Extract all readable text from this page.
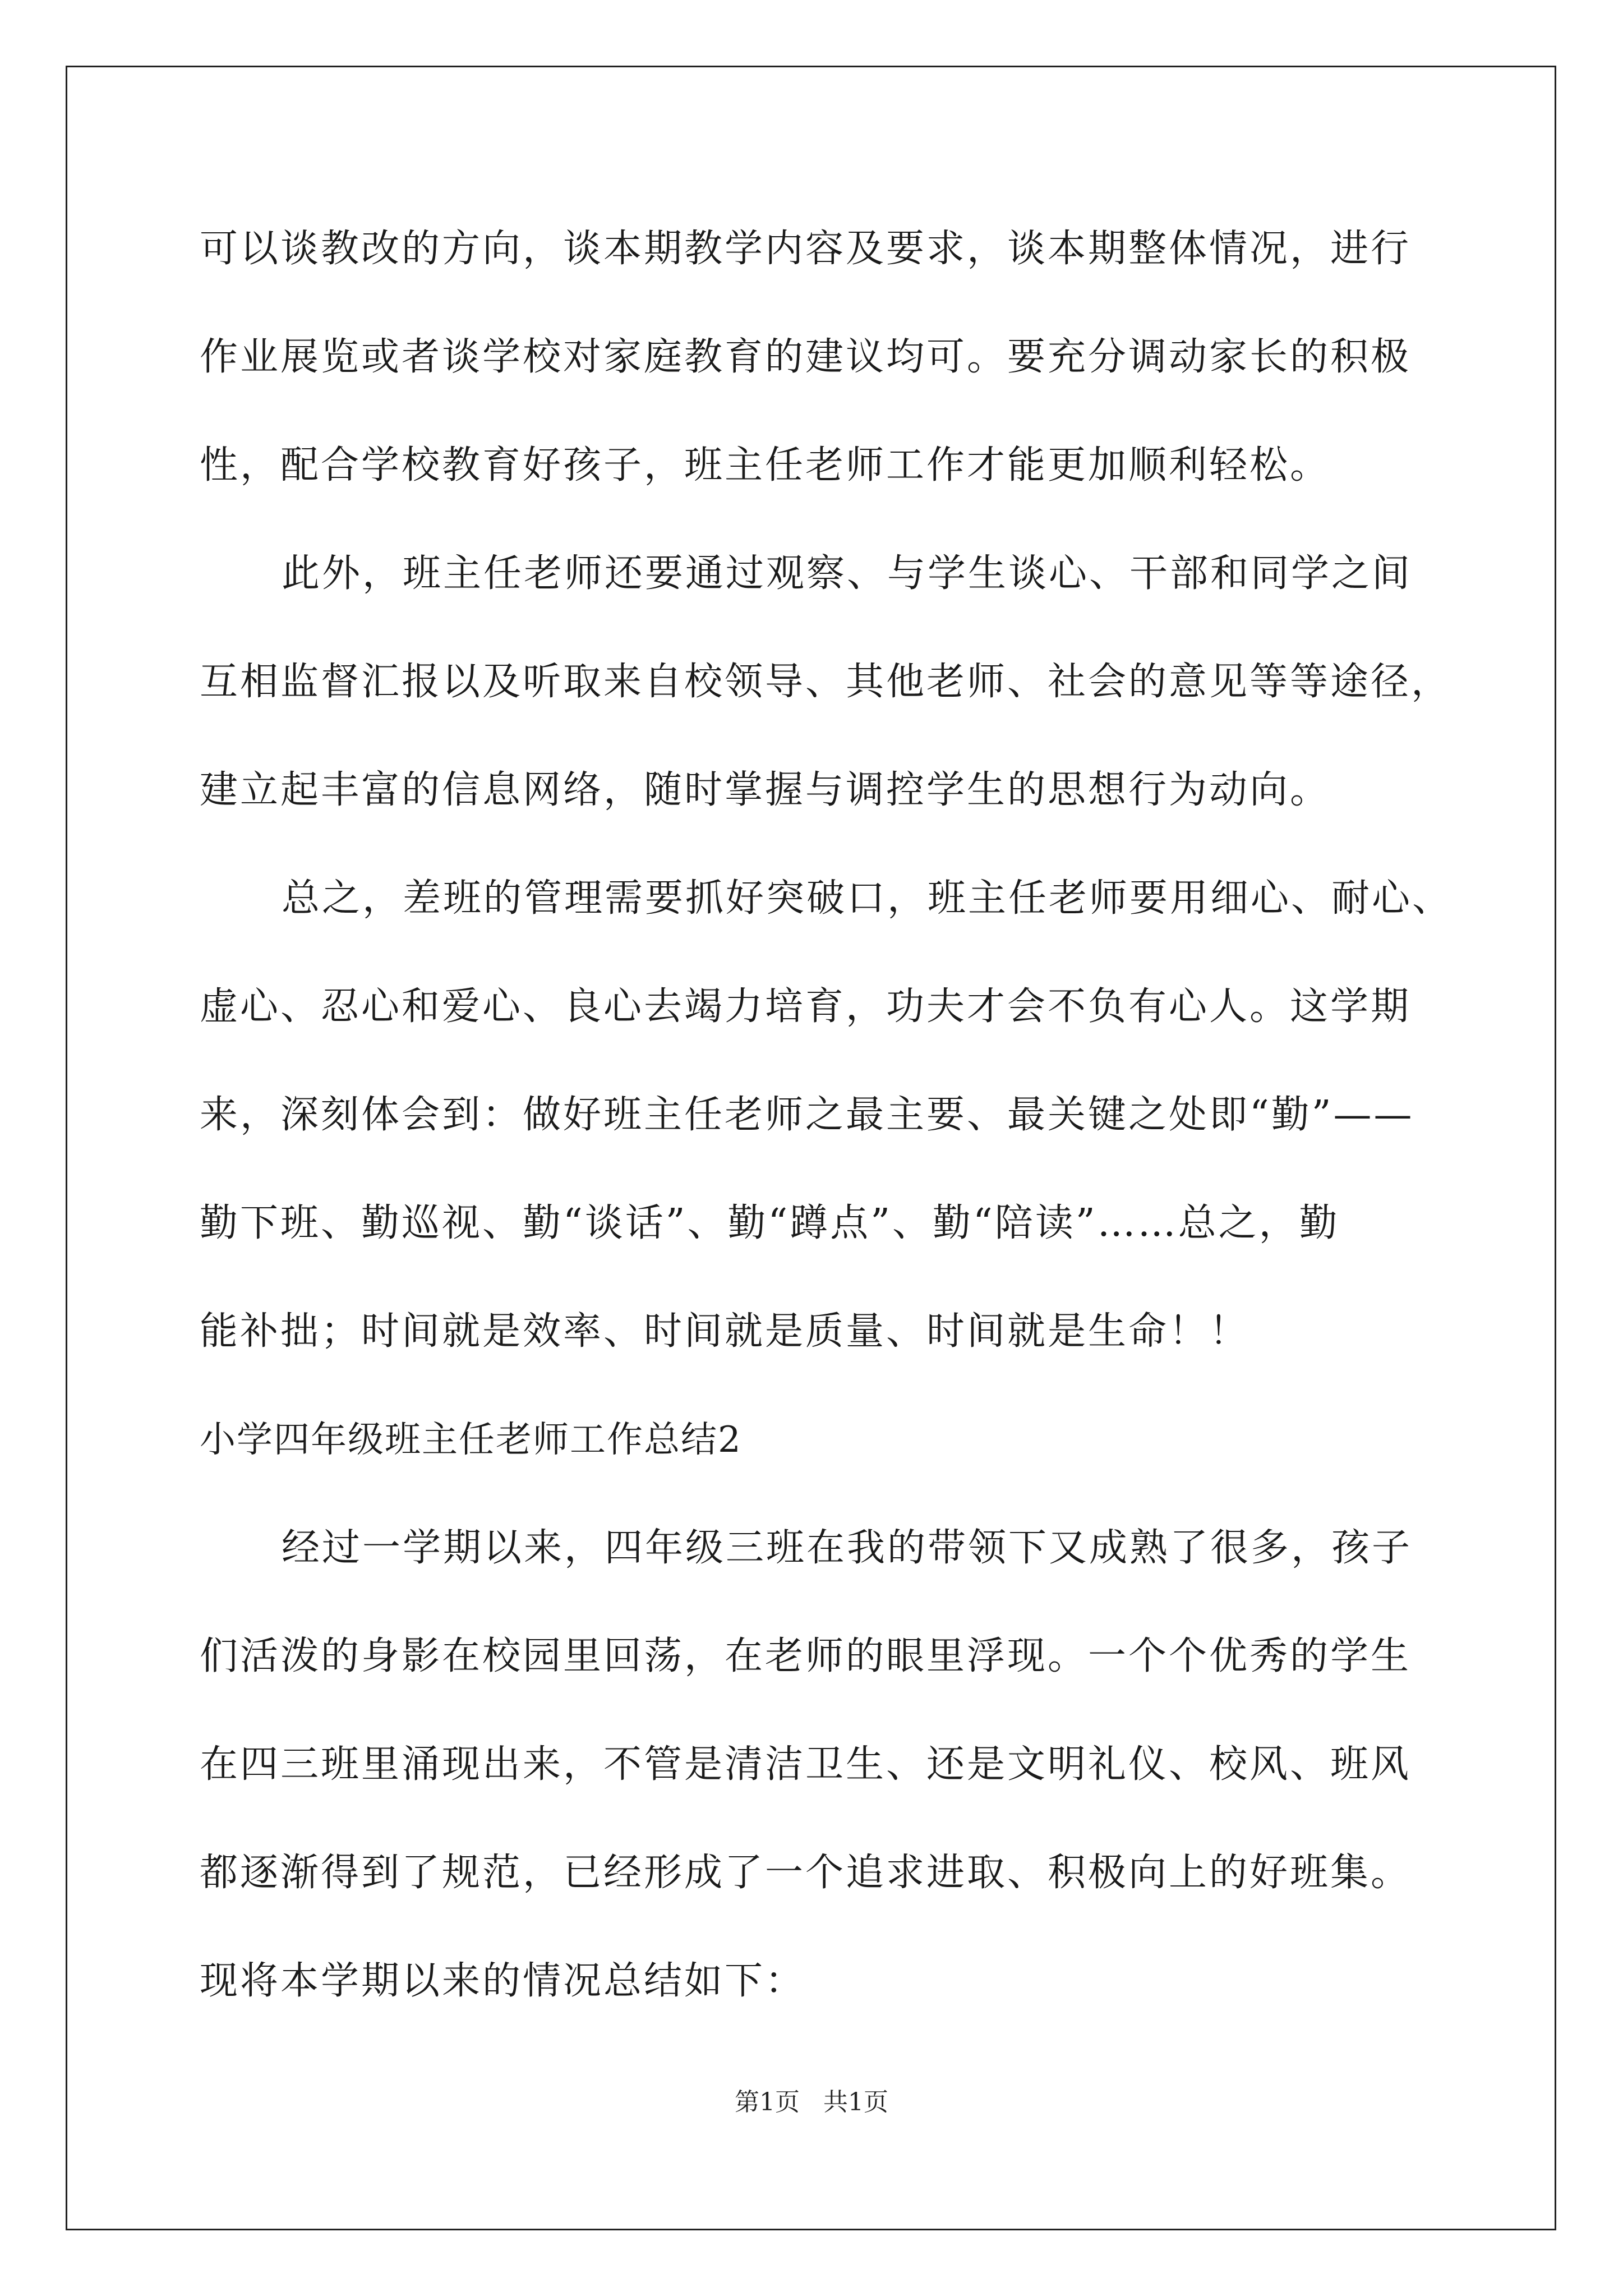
可以谈教改的方向，谈本期教学内容及要求，谈本期整体情况，进行
作业展览或者谈学校对家庭教育的建议均可。要充分调动家长的积极
性，配合学校教育好孩子，班主任老师工作才能更加顺利轻松。
此外，班主任老师还要通过观察、与学生谈心、干部和同学之间
互相监督汇报以及听取来自校领导、其他老师、社会的意见等等途径，
建立起丰富的信息网络，随时掌握与调控学生的思想行为动向。
总之，差班的管理需要抓好突破口，班主任老师要用细心、耐心、
虚心、忍心和爱心、良心去竭力培育，功夫才会不负有心人。这学期
来，深刻体会到：做好班主任老师之最主要、最关键之处即“勤”——
勤下班、勤巡视、勤“谈话”、勤“蹲点”、勤“陪读”……总之，勤
能补拙；时间就是效率、时间就是质量、时间就是生命！！
小学四年级班主任老师工作总结2
经过一学期以来，四年级三班在我的带领下又成熟了很多，孩子
们活泼的身影在校园里回荡，在老师的眼里浮现。一个个优秀的学生
在四三班里涌现出来，不管是清洁卫生、还是文明礼仪、校风、班风
都逐渐得到了规范，已经形成了一个追求进取、积极向上的好班集。
现将本学期以来的情况总结如下：
第1页 共1页
